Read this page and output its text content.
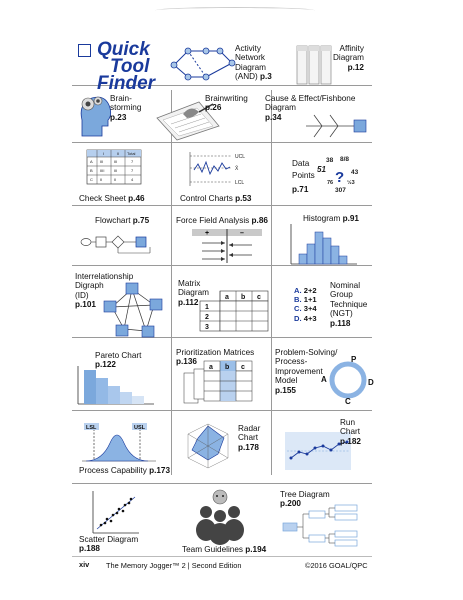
Quick
Tool
Finder
Activity
Network
Diagram
(AND) p.3
Affinity
Diagram
p.12
Brain-
storming
p.23
Brainwriting
p.26
Cause & Effect/Fishbone
Diagram
p.34
I	II Total
A III	III	7
B IIII III	7
C II	II	4
Check Sheet p.46
UCL
X̄
LCL
Control Charts p.53
Data
Points
p.71
38 8/8
51	43
½3
76
307
?
Flowchart p.75	Force Field Analysis p.86
+	–
Histogram p.91
Interrelationship
Digraph
(ID)
p.101
Matrix
Diagram
p.112
a b c
1
2
3
A. 2+2
B. 1+1
C. 3+4
D. 4+3
Nominal
Group
Technique
(NGT)
p.118
Pareto Chart
p.122
Prioritization Matrices
p.136
a b c
Problem-Solving/
Process-
Improvement
Model
p.155
P
D
C
A
LSL	USL
Process Capability p.173
Radar
Chart
p.178
Run
Chart
p.182
Scatter Diagram
p.188	Team Guidelines p.194
Tree Diagram
p.200
xiv The Memory Jogger™ 2 | Second Edition	©2016 GOAL/QPC
